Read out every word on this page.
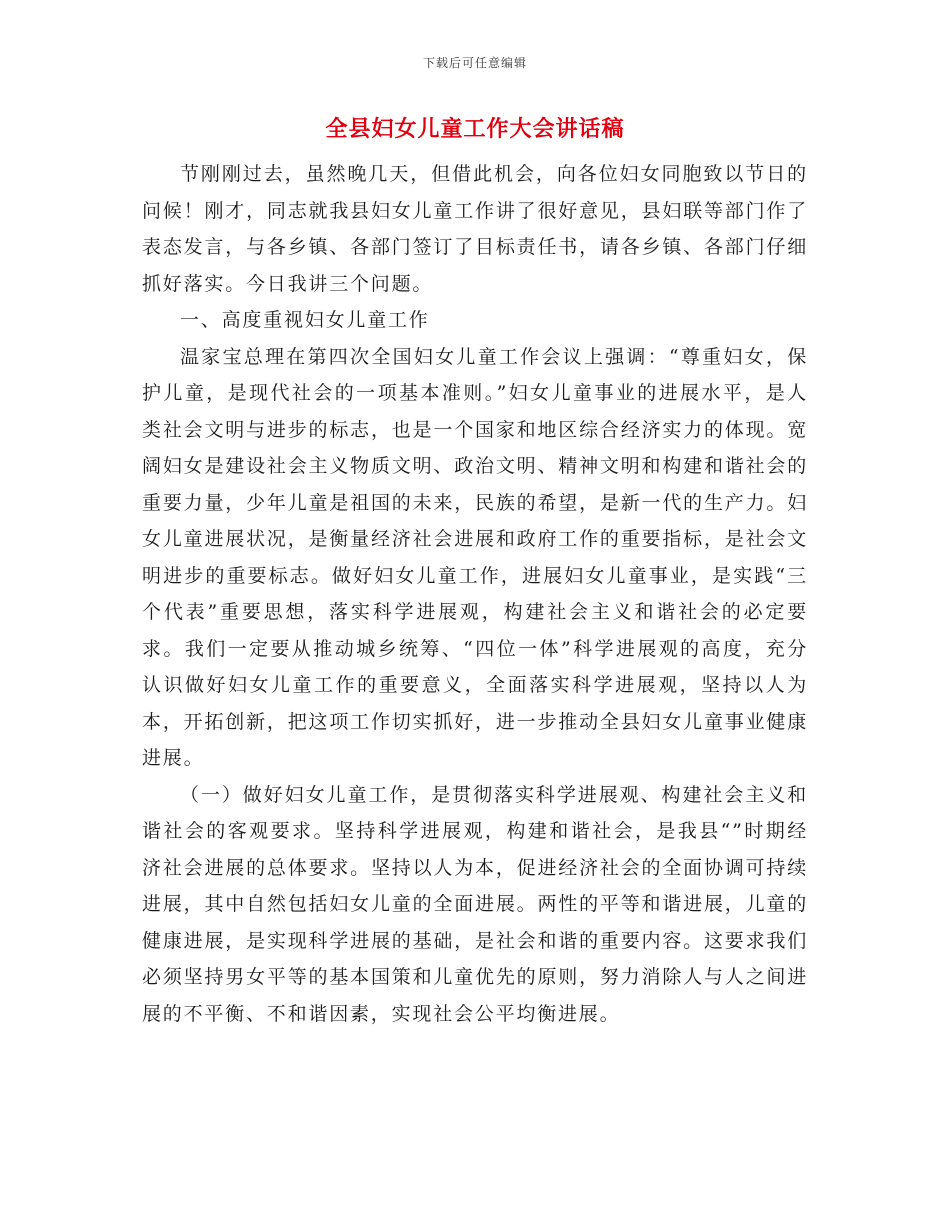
下载后可任意编辑
全县妇女儿童工作大会讲话稿

节刚刚过去，虽然晚几天，但借此机会，向各位妇女同胞致以节日的问候！刚才，同志就我县妇女儿童工作讲了很好意见，县妇联等部门作了表态发言，与各乡镇、各部门签订了目标责任书，请各乡镇、各部门仔细抓好落实。今日我讲三个问题。

一、高度重视妇女儿童工作

温家宝总理在第四次全国妇女儿童工作会议上强调：“尊重妇女，保护儿童，是现代社会的一项基本准则。”妇女儿童事业的进展水平，是人类社会文明与进步的标志，也是一个国家和地区综合经济实力的体现。宽阔妇女是建设社会主义物质文明、政治文明、精神文明和构建和谐社会的重要力量，少年儿童是祖国的未来，民族的希望，是新一代的生产力。妇女儿童进展状况，是衡量经济社会进展和政府工作的重要指标，是社会文明进步的重要标志。做好妇女儿童工作，进展妇女儿童事业，是实践“三个代表”重要思想，落实科学进展观，构建社会主义和谐社会的必定要求。我们一定要从推动城乡统筹、“四位一体”科学进展观的高度，充分认识做好妇女儿童工作的重要意义，全面落实科学进展观，坚持以人为本，开拓创新，把这项工作切实抓好，进一步推动全县妇女儿童事业健康进展。

（一）做好妇女儿童工作，是贯彻落实科学进展观、构建社会主义和谐社会的客观要求。坚持科学进展观，构建和谐社会，是我县“”时期经济社会进展的总体要求。坚持以人为本，促进经济社会的全面协调可持续进展，其中自然包括妇女儿童的全面进展。两性的平等和谐进展，儿童的健康进展，是实现科学进展的基础，是社会和谐的重要内容。这要求我们必须坚持男女平等的基本国策和儿童优先的原则，努力消除人与人之间进展的不平衡、不和谐因素，实现社会公平均衡进展。
